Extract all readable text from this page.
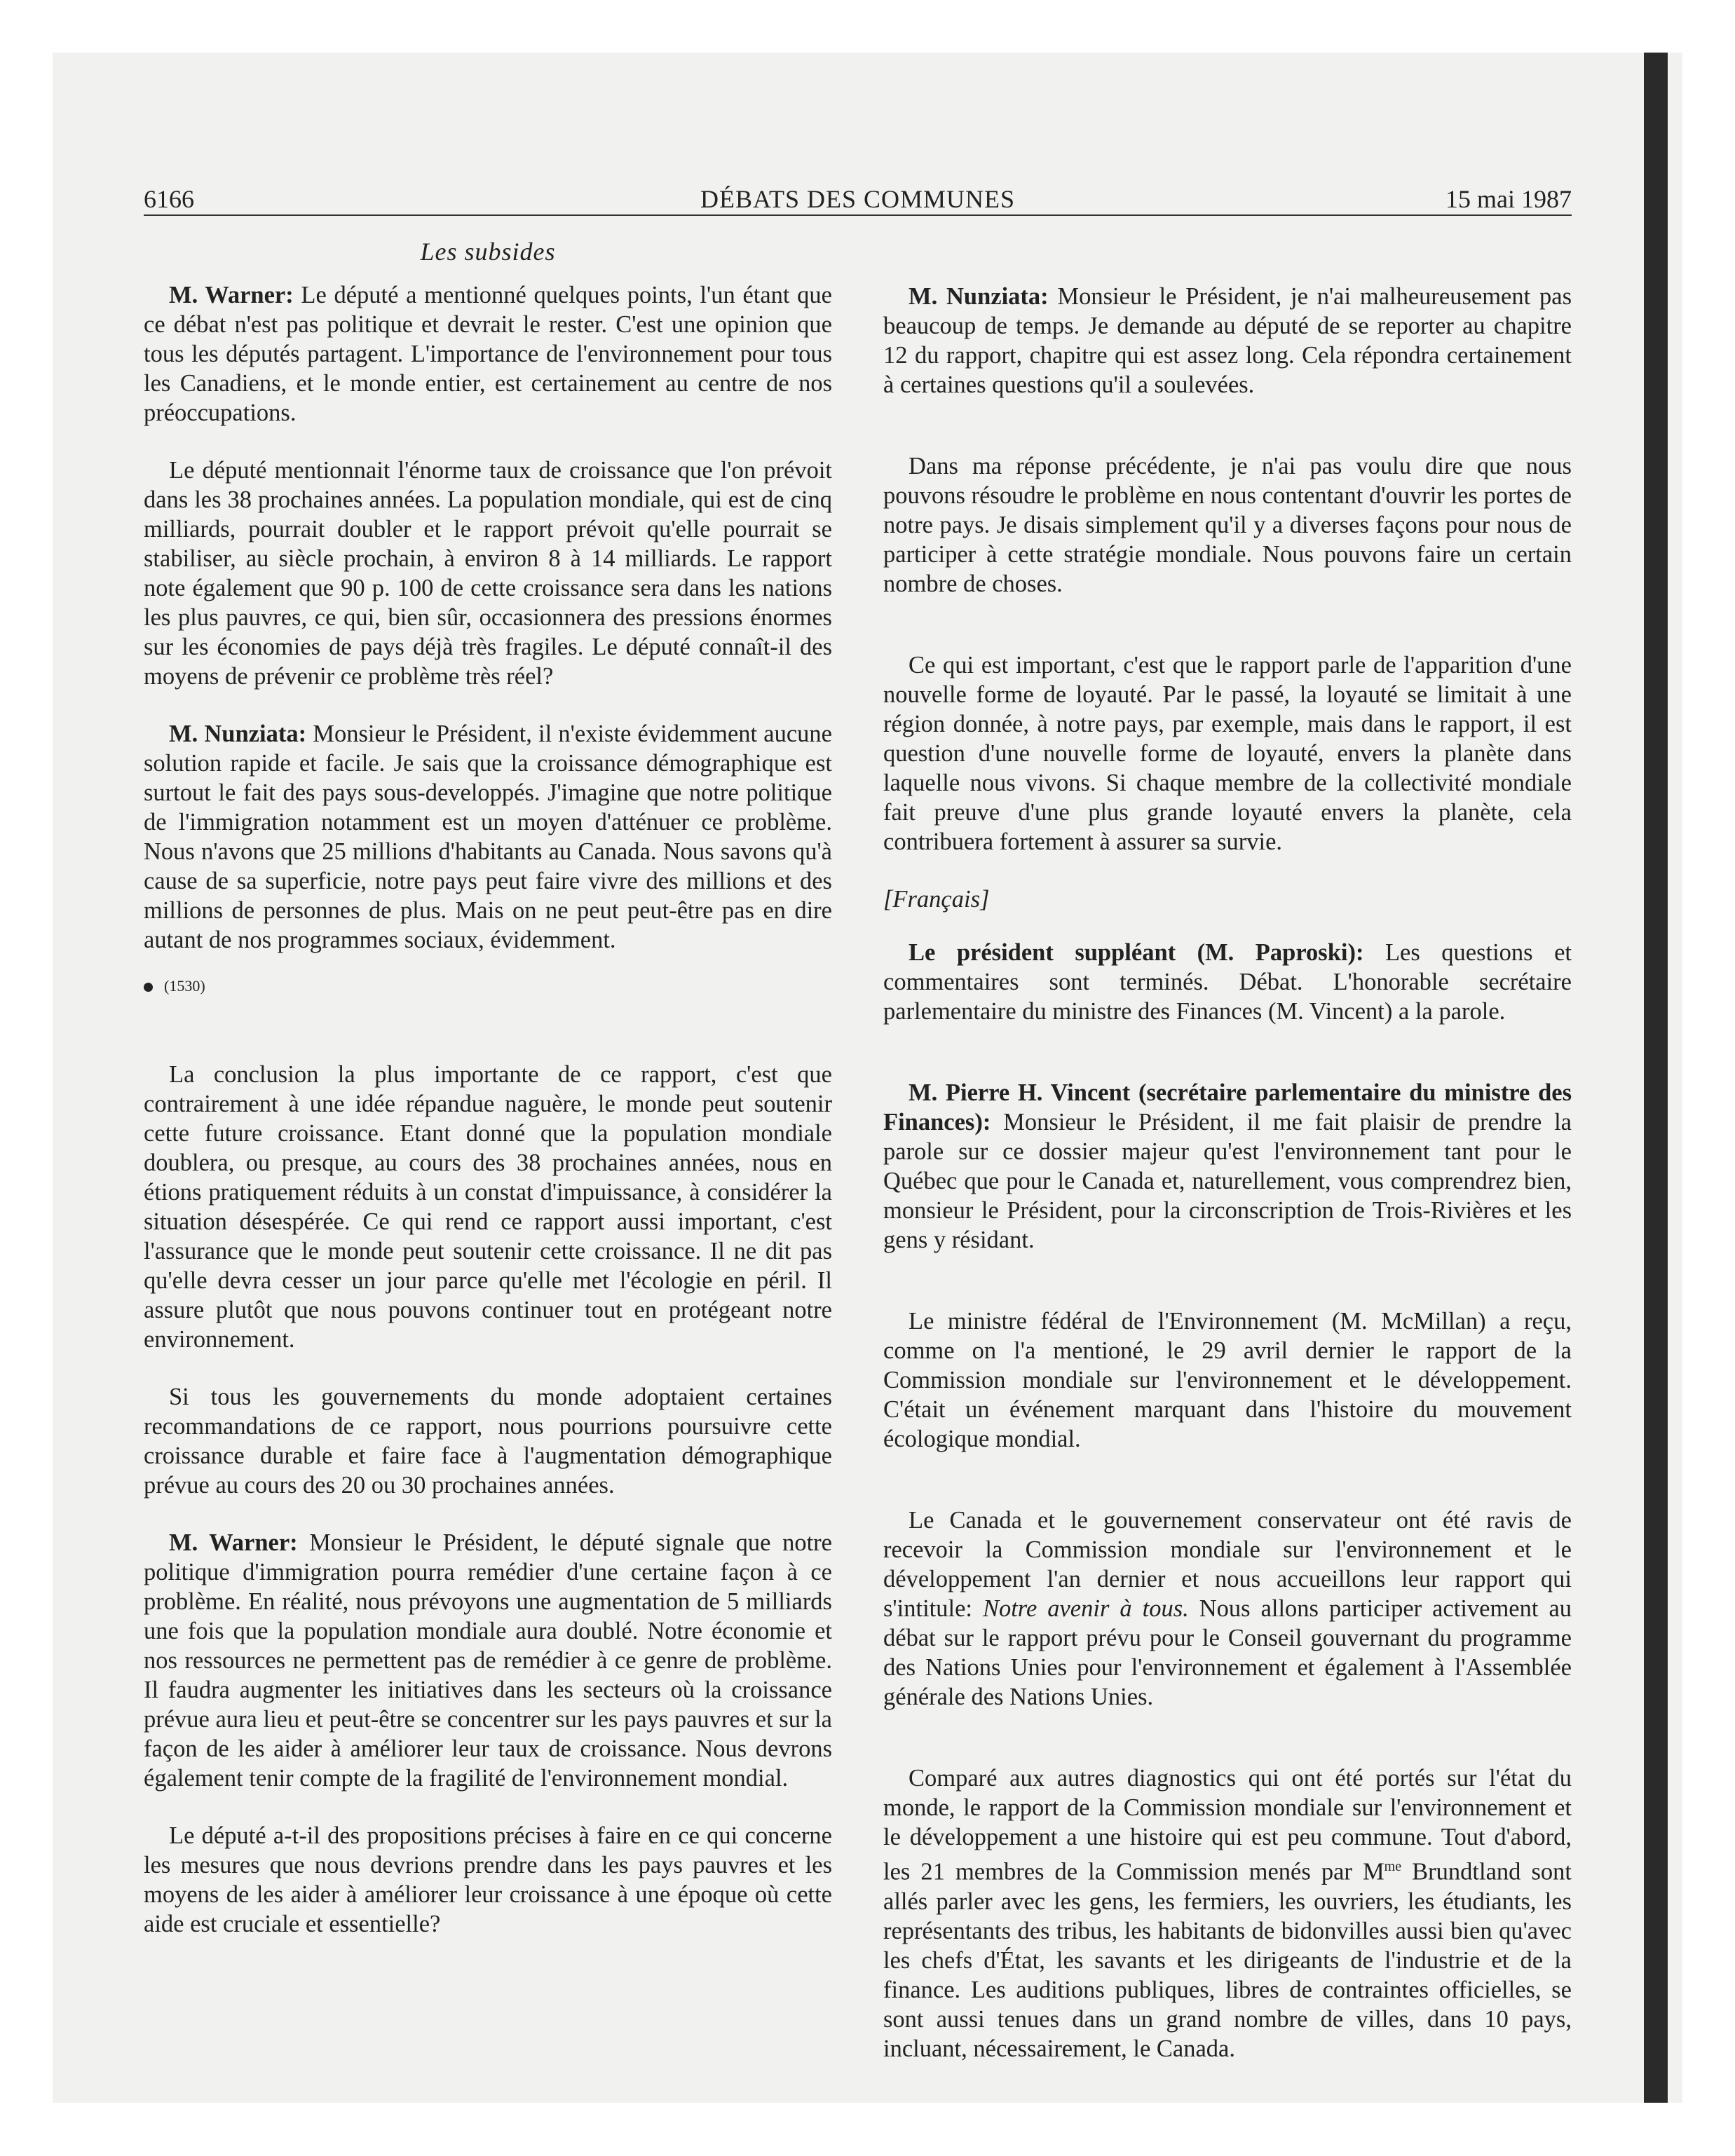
6166	DÉBATS DES COMMUNES	15 mai 1987
Les subsides

M. Warner: Le député a mentionné quelques points, l'un étant que ce débat n'est pas politique et devrait le rester. C'est une opinion que tous les députés partagent. L'importance de l'environnement pour tous les Canadiens, et le monde entier, est certainement au centre de nos préoccupations.

Le député mentionnait l'énorme taux de croissance que l'on prévoit dans les 38 prochaines années. La population mondiale, qui est de cinq milliards, pourrait doubler et le rapport prévoit qu'elle pourrait se stabiliser, au siècle prochain, à environ 8 à 14 milliards. Le rapport note également que 90 p. 100 de cette croissance sera dans les nations les plus pauvres, ce qui, bien sûr, occasionnera des pressions énormes sur les économies de pays déjà très fragiles. Le député connaît-il des moyens de prévenir ce problème très réel?

M. Nunziata: Monsieur le Président, il n'existe évidemment aucune solution rapide et facile. Je sais que la croissance démographique est surtout le fait des pays sous-developpés. J'imagine que notre politique de l'immigration notamment est un moyen d'atténuer ce problème. Nous n'avons que 25 millions d'habitants au Canada. Nous savons qu'à cause de sa superficie, notre pays peut faire vivre des millions et des millions de personnes de plus. Mais on ne peut peut-être pas en dire autant de nos programmes sociaux, évidemment.

(1530)

La conclusion la plus importante de ce rapport, c'est que contrairement à une idée répandue naguère, le monde peut soutenir cette future croissance. Etant donné que la population mondiale doublera, ou presque, au cours des 38 prochaines années, nous en étions pratiquement réduits à un constat d'impuissance, à considérer la situation désespérée. Ce qui rend ce rapport aussi important, c'est l'assurance que le monde peut soutenir cette croissance. Il ne dit pas qu'elle devra cesser un jour parce qu'elle met l'écologie en péril. Il assure plutôt que nous pouvons continuer tout en protégeant notre environnement.

Si tous les gouvernements du monde adoptaient certaines recommandations de ce rapport, nous pourrions poursuivre cette croissance durable et faire face à l'augmentation démographique prévue au cours des 20 ou 30 prochaines années.

M. Warner: Monsieur le Président, le député signale que notre politique d'immigration pourra remédier d'une certaine façon à ce problème. En réalité, nous prévoyons une augmentation de 5 milliards une fois que la population mondiale aura doublé. Notre économie et nos ressources ne permettent pas de remédier à ce genre de problème. Il faudra augmenter les initiatives dans les secteurs où la croissance prévue aura lieu et peut-être se concentrer sur les pays pauvres et sur la façon de les aider à améliorer leur taux de croissance. Nous devrons également tenir compte de la fragilité de l'environnement mondial.

Le député a-t-il des propositions précises à faire en ce qui concerne les mesures que nous devrions prendre dans les pays pauvres et les moyens de les aider à améliorer leur croissance à une époque où cette aide est cruciale et essentielle?

M. Nunziata: Monsieur le Président, je n'ai malheureusement pas beaucoup de temps. Je demande au député de se reporter au chapitre 12 du rapport, chapitre qui est assez long. Cela répondra certainement à certaines questions qu'il a soulevées.

Dans ma réponse précédente, je n'ai pas voulu dire que nous pouvons résoudre le problème en nous contentant d'ouvrir les portes de notre pays. Je disais simplement qu'il y a diverses façons pour nous de participer à cette stratégie mondiale. Nous pouvons faire un certain nombre de choses.

Ce qui est important, c'est que le rapport parle de l'apparition d'une nouvelle forme de loyauté. Par le passé, la loyauté se limitait à une région donnée, à notre pays, par exemple, mais dans le rapport, il est question d'une nouvelle forme de loyauté, envers la planète dans laquelle nous vivons. Si chaque membre de la collectivité mondiale fait preuve d'une plus grande loyauté envers la planète, cela contribuera fortement à assurer sa survie.

[Français]

Le président suppléant (M. Paproski): Les questions et commentaires sont terminés. Débat. L'honorable secrétaire parlementaire du ministre des Finances (M. Vincent) a la parole.

M. Pierre H. Vincent (secrétaire parlementaire du ministre des Finances): Monsieur le Président, il me fait plaisir de prendre la parole sur ce dossier majeur qu'est l'environnement tant pour le Québec que pour le Canada et, naturellement, vous comprendrez bien, monsieur le Président, pour la circonscription de Trois-Rivières et les gens y résidant.

Le ministre fédéral de l'Environnement (M. McMillan) a reçu, comme on l'a mentioné, le 29 avril dernier le rapport de la Commission mondiale sur l'environnement et le développement. C'était un événement marquant dans l'histoire du mouvement écologique mondial.

Le Canada et le gouvernement conservateur ont été ravis de recevoir la Commission mondiale sur l'environnement et le développement l'an dernier et nous accueillons leur rapport qui s'intitule: Notre avenir à tous. Nous allons participer activement au débat sur le rapport prévu pour le Conseil gouvernant du programme des Nations Unies pour l'environnement et également à l'Assemblée générale des Nations Unies.

Comparé aux autres diagnostics qui ont été portés sur l'état du monde, le rapport de la Commission mondiale sur l'environnement et le développement a une histoire qui est peu commune. Tout d'abord, les 21 membres de la Commission menés par $M^{me}$ Brundtland sont allés parler avec les gens, les fermiers, les ouvriers, les étudiants, les représentants des tribus, les habitants de bidonvilles aussi bien qu'avec les chefs d'État, les savants et les dirigeants de l'industrie et de la finance. Les auditions publiques, libres de contraintes officielles, se sont aussi tenues dans un grand nombre de villes, dans 10 pays, incluant, nécessairement, le Canada.
